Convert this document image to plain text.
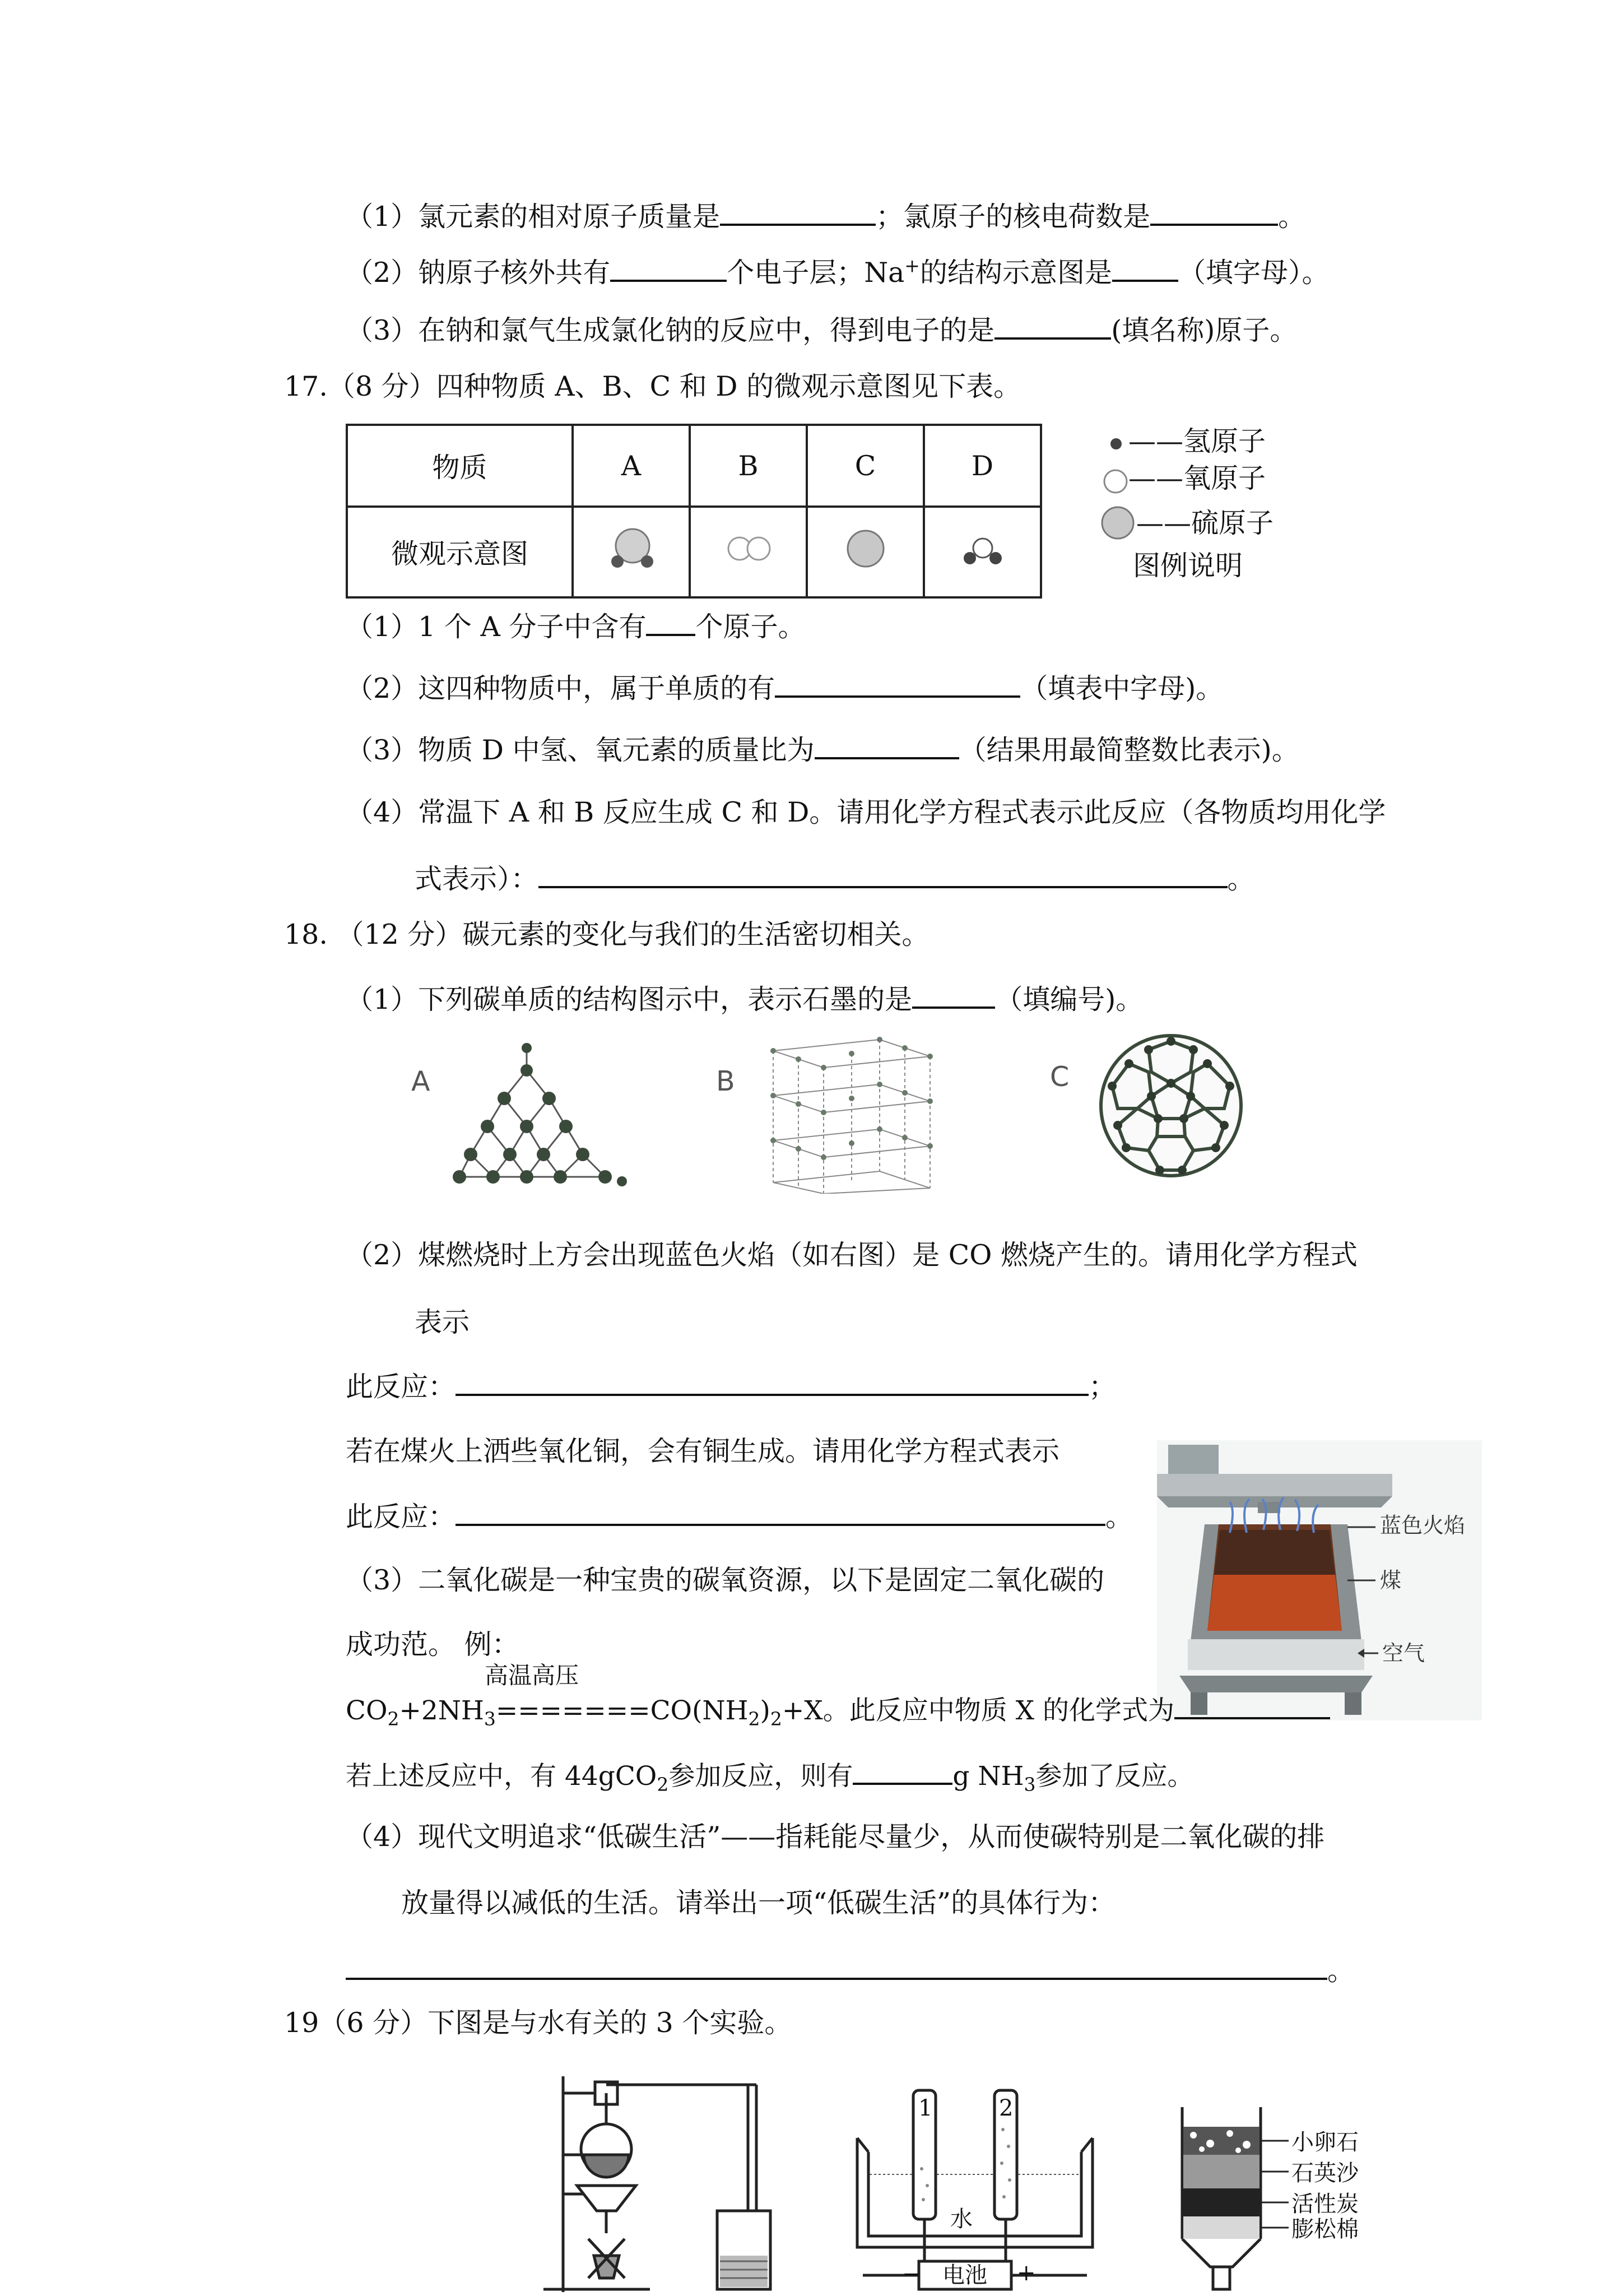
（1）氯元素的相对原子质量是	；氯原子的核电荷数是	。
（2）钠原子核外共有	个电子层；Na+的结构示意图是 （填字母）。
（3）在钠和氯气生成氯化钠的反应中，得到电子的是	(填名称)原子。
17.（8 分）四种物质 A、B、C 和 D 的微观示意图见下表。
物质	A	B	C	D
微观示意图				
——氢原子
——氧原子
——硫原子
图例说明
（1）1 个 A 分子中含有 个原子。
（2）这四种物质中，属于单质的有	（填表中字母)。
（3）物质 D 中氢、氧元素的质量比为	（结果用最简整数比表示)。
（4）常温下 A 和 B 反应生成 C 和 D。请用化学方程式表示此反应（各物质均用化学
式表示）：	。
18. （12 分）碳元素的变化与我们的生活密切相关。
（1）下列碳单质的结构图示中，表示石墨的是	（填编号)。
A	B	C
（2）煤燃烧时上方会出现蓝色火焰（如右图）是 CO 燃烧产生的。请用化学方程式
表示
此反应：	；
若在煤火上洒些氧化铜，会有铜生成。请用化学方程式表示
此反应：	。	蓝色火焰
煤
空气
（3）二氧化碳是一种宝贵的碳氧资源，以下是固定二氧化碳的
成功范。 例：
高温高压
$CO_2+2NH_3=======CO(NH_2)_2+X$。此反应中物质 X 的化学式为
若上述反应中，有 44gCO$_2$参加反应，则有	g $NH_3$参加了反应。
（4）现代文明追求“低碳生活”——指耗能尽量少，从而使碳特别是二氧化碳的排
放量得以减低的生活。请举出一项“低碳生活”的具体行为：
。
19（6 分）下图是与水有关的 3 个实验。
1	2
水
− 电池 +
小卵石
石英沙
活性炭
膨松棉
